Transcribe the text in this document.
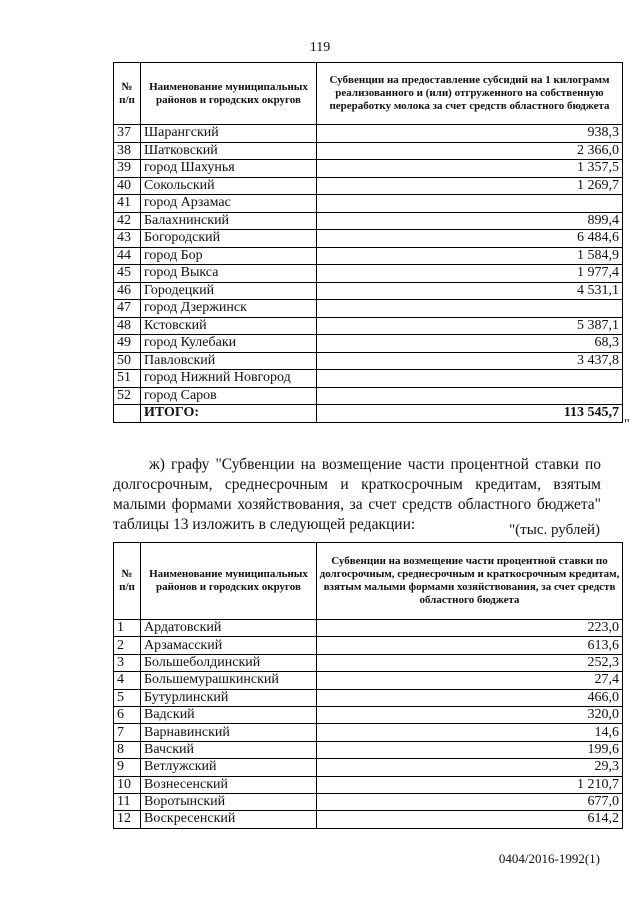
119
№ п/п	Наименование муниципальных районов и городских округов	Субвенции на предоставление субсидий на 1 килограмм реализованного и (или) отгруженного на собственную переработку молока за счет средств областного бюджета
37	Шарангский	938,3
38	Шатковский	2 366,0
39	город Шахунья	1 357,5
40	Сокольский	1 269,7
41	город Арзамас	
42	Балахнинский	899,4
43	Богородский	6 484,6
44	город Бор	1 584,9
45	город Выкса	1 977,4
46	Городецкий	4 531,1
47	город Дзержинск	
48	Кстовский	5 387,1
49	город Кулебаки	68,3
50	Павловский	3 437,8
51	город Нижний Новгород	
52	город Саров	
	ИТОГО:	113 545,7
"
ж) графу "Субвенции на возмещение части процентной ставки по долгосрочным, среднесрочным и краткосрочным кредитам, взятым малыми формами хозяйствования, за счет средств областного бюджета" таблицы 13 изложить в следующей редакции:	"(тыс. рублей)
№ п/п	Наименование муниципальных районов и городских округов	Субвенции на возмещение части процентной ставки по долгосрочным, среднесрочным и краткосрочным кредитам, взятым малыми формами хозяйствования, за счет средств областного бюджета
1	Ардатовский	223,0
2	Арзамасский	613,6
3	Большеболдинский	252,3
4	Большемурашкинский	27,4
5	Бутурлинский	466,0
6	Вадский	320,0
7	Варнавинский	14,6
8	Вачский	199,6
9	Ветлужский	29,3
10	Вознесенский	1 210,7
11	Воротынский	677,0
12	Воскресенский	614,2
0404/2016-1992(1)
